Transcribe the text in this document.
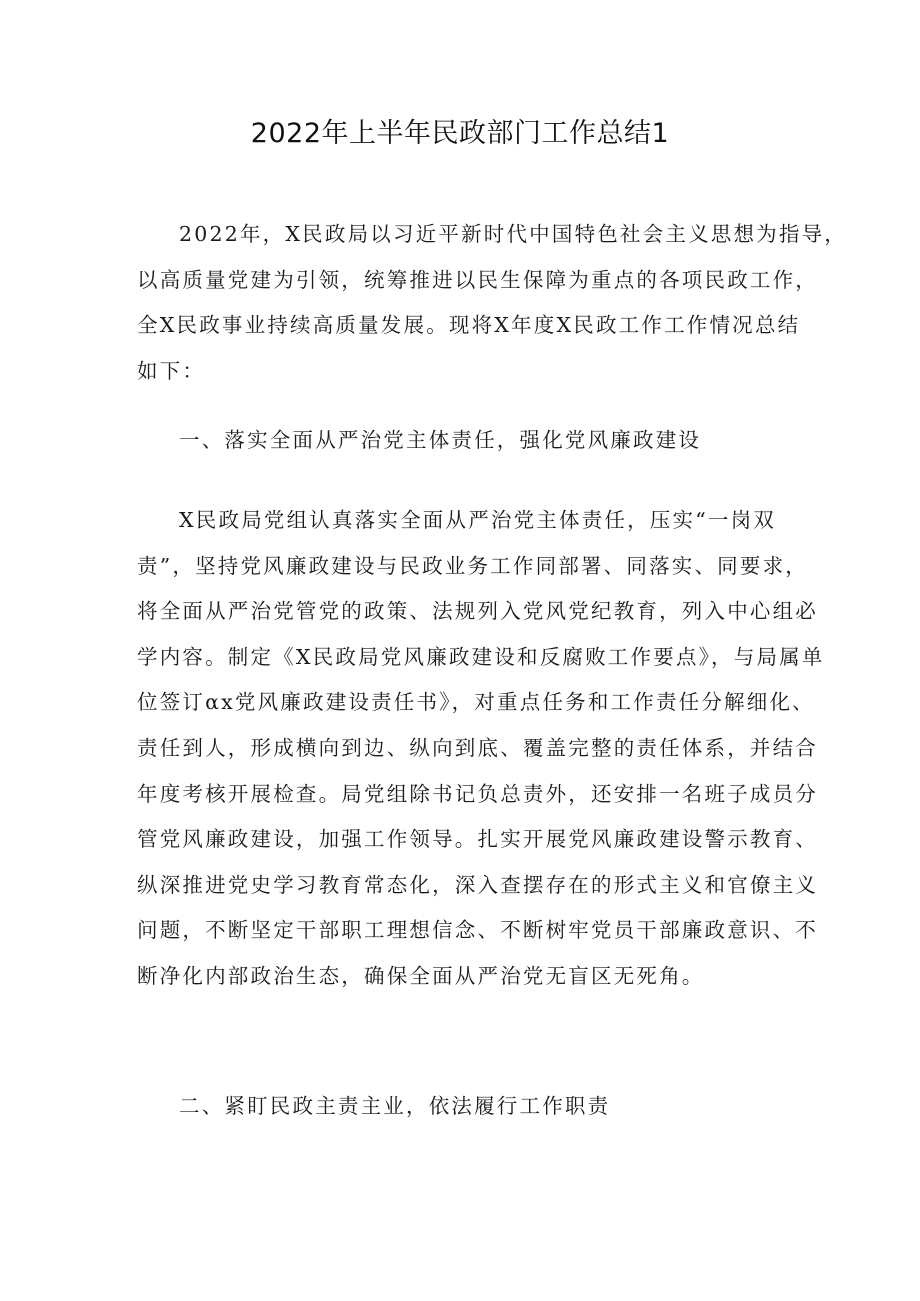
2022年上半年民政部门工作总结1
2022年，X民政局以习近平新时代中国特色社会主义思想为指导，
以高质量党建为引领，统筹推进以民生保障为重点的各项民政工作，
全X民政事业持续高质量发展。现将X年度X民政工作工作情况总结
如下：
一、落实全面从严治党主体责任，强化党风廉政建设
X民政局党组认真落实全面从严治党主体责任，压实“一岗双
责”，坚持党风廉政建设与民政业务工作同部署、同落实、同要求，
将全面从严治党管党的政策、法规列入党风党纪教育，列入中心组必
学内容。制定《X民政局党风廉政建设和反腐败工作要点》，与局属单
位签订αx党风廉政建设责任书》，对重点任务和工作责任分解细化、
责任到人，形成横向到边、纵向到底、覆盖完整的责任体系，并结合
年度考核开展检查。局党组除书记负总责外，还安排一名班子成员分
管党风廉政建设，加强工作领导。扎实开展党风廉政建设警示教育、
纵深推进党史学习教育常态化，深入查摆存在的形式主义和官僚主义
问题，不断坚定干部职工理想信念、不断树牢党员干部廉政意识、不
断净化内部政治生态，确保全面从严治党无盲区无死角。
二、紧盯民政主责主业，依法履行工作职责
